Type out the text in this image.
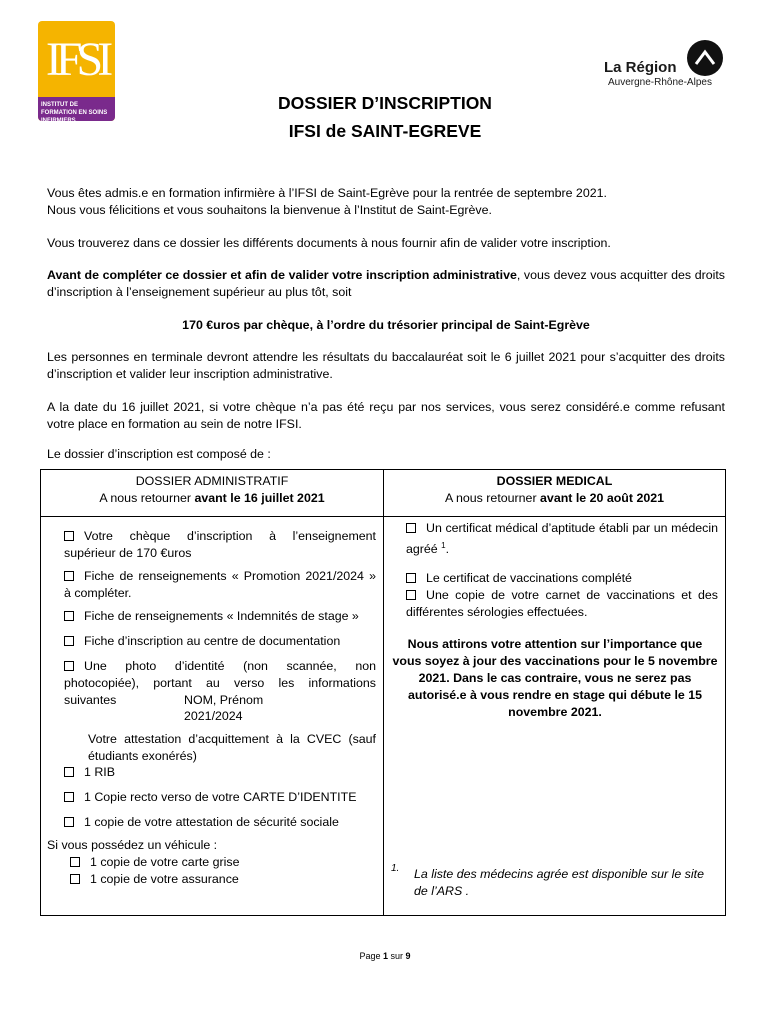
IFSI
INSTITUT DE FORMATION EN SOINS INFIRMIERS
La Région
Auvergne-Rhône-Alpes
DOSSIER D’INSCRIPTION
IFSI de SAINT-EGREVE
Vous êtes admis.e en formation infirmière à l’IFSI de Saint-Egrève pour la rentrée de septembre 2021.
Nous vous félicitions et vous souhaitons la bienvenue à l’Institut de Saint-Egrève.
Vous trouverez dans ce dossier les différents documents à nous fournir afin de valider votre inscription.
Avant de compléter ce dossier et afin de valider votre inscription administrative, vous devez vous acquitter des droits d’inscription à l’enseignement supérieur au plus tôt, soit
170 €uros par chèque, à l’ordre du trésorier principal de Saint-Egrève
Les personnes en terminale devront attendre les résultats du baccalauréat soit le 6 juillet 2021 pour s’acquitter des droits d’inscription et valider leur inscription administrative.
A la date du 16 juillet 2021, si votre chèque n’a pas été reçu par nos services, vous serez considéré.e comme refusant votre place en formation au sein de notre IFSI.
Le dossier d’inscription est composé de :
DOSSIER ADMINISTRATIF
A nous retourner avant le 16 juillet 2021
DOSSIER MEDICAL
A nous retourner avant le 20 août 2021
Votre chèque d’inscription à l’enseignement supérieur de 170 €uros
Fiche de renseignements « Promotion 2021/2024 » à compléter.
Fiche de renseignements « Indemnités de stage »
Fiche d’inscription au centre de documentation
Une photo d’identité (non scannée, non photocopiée), portant au verso les informations suivantes	NOM, Prénom
2021/2024
Votre attestation d’acquittement à la CVEC (sauf étudiants exonérés)
1 RIB
1 Copie recto verso de votre CARTE D’IDENTITE
1 copie de votre attestation de sécurité sociale
Si vous possédez un véhicule :
1 copie de votre carte grise
1 copie de votre assurance
Un certificat médical d’aptitude établi par un médecin agréé $^1$.
Le certificat de vaccinations complété
Une copie de votre carnet de vaccinations et des différentes sérologies effectuées.
Nous attirons votre attention sur l’importance que vous soyez à jour des vaccinations pour le 5 novembre 2021. Dans le cas contraire, vous ne serez pas autorisé.e à vous rendre en stage qui débute le 15 novembre 2021.
1. La liste des médecins agrée est disponible sur le site de l’ARS .
Page 1 sur 9
